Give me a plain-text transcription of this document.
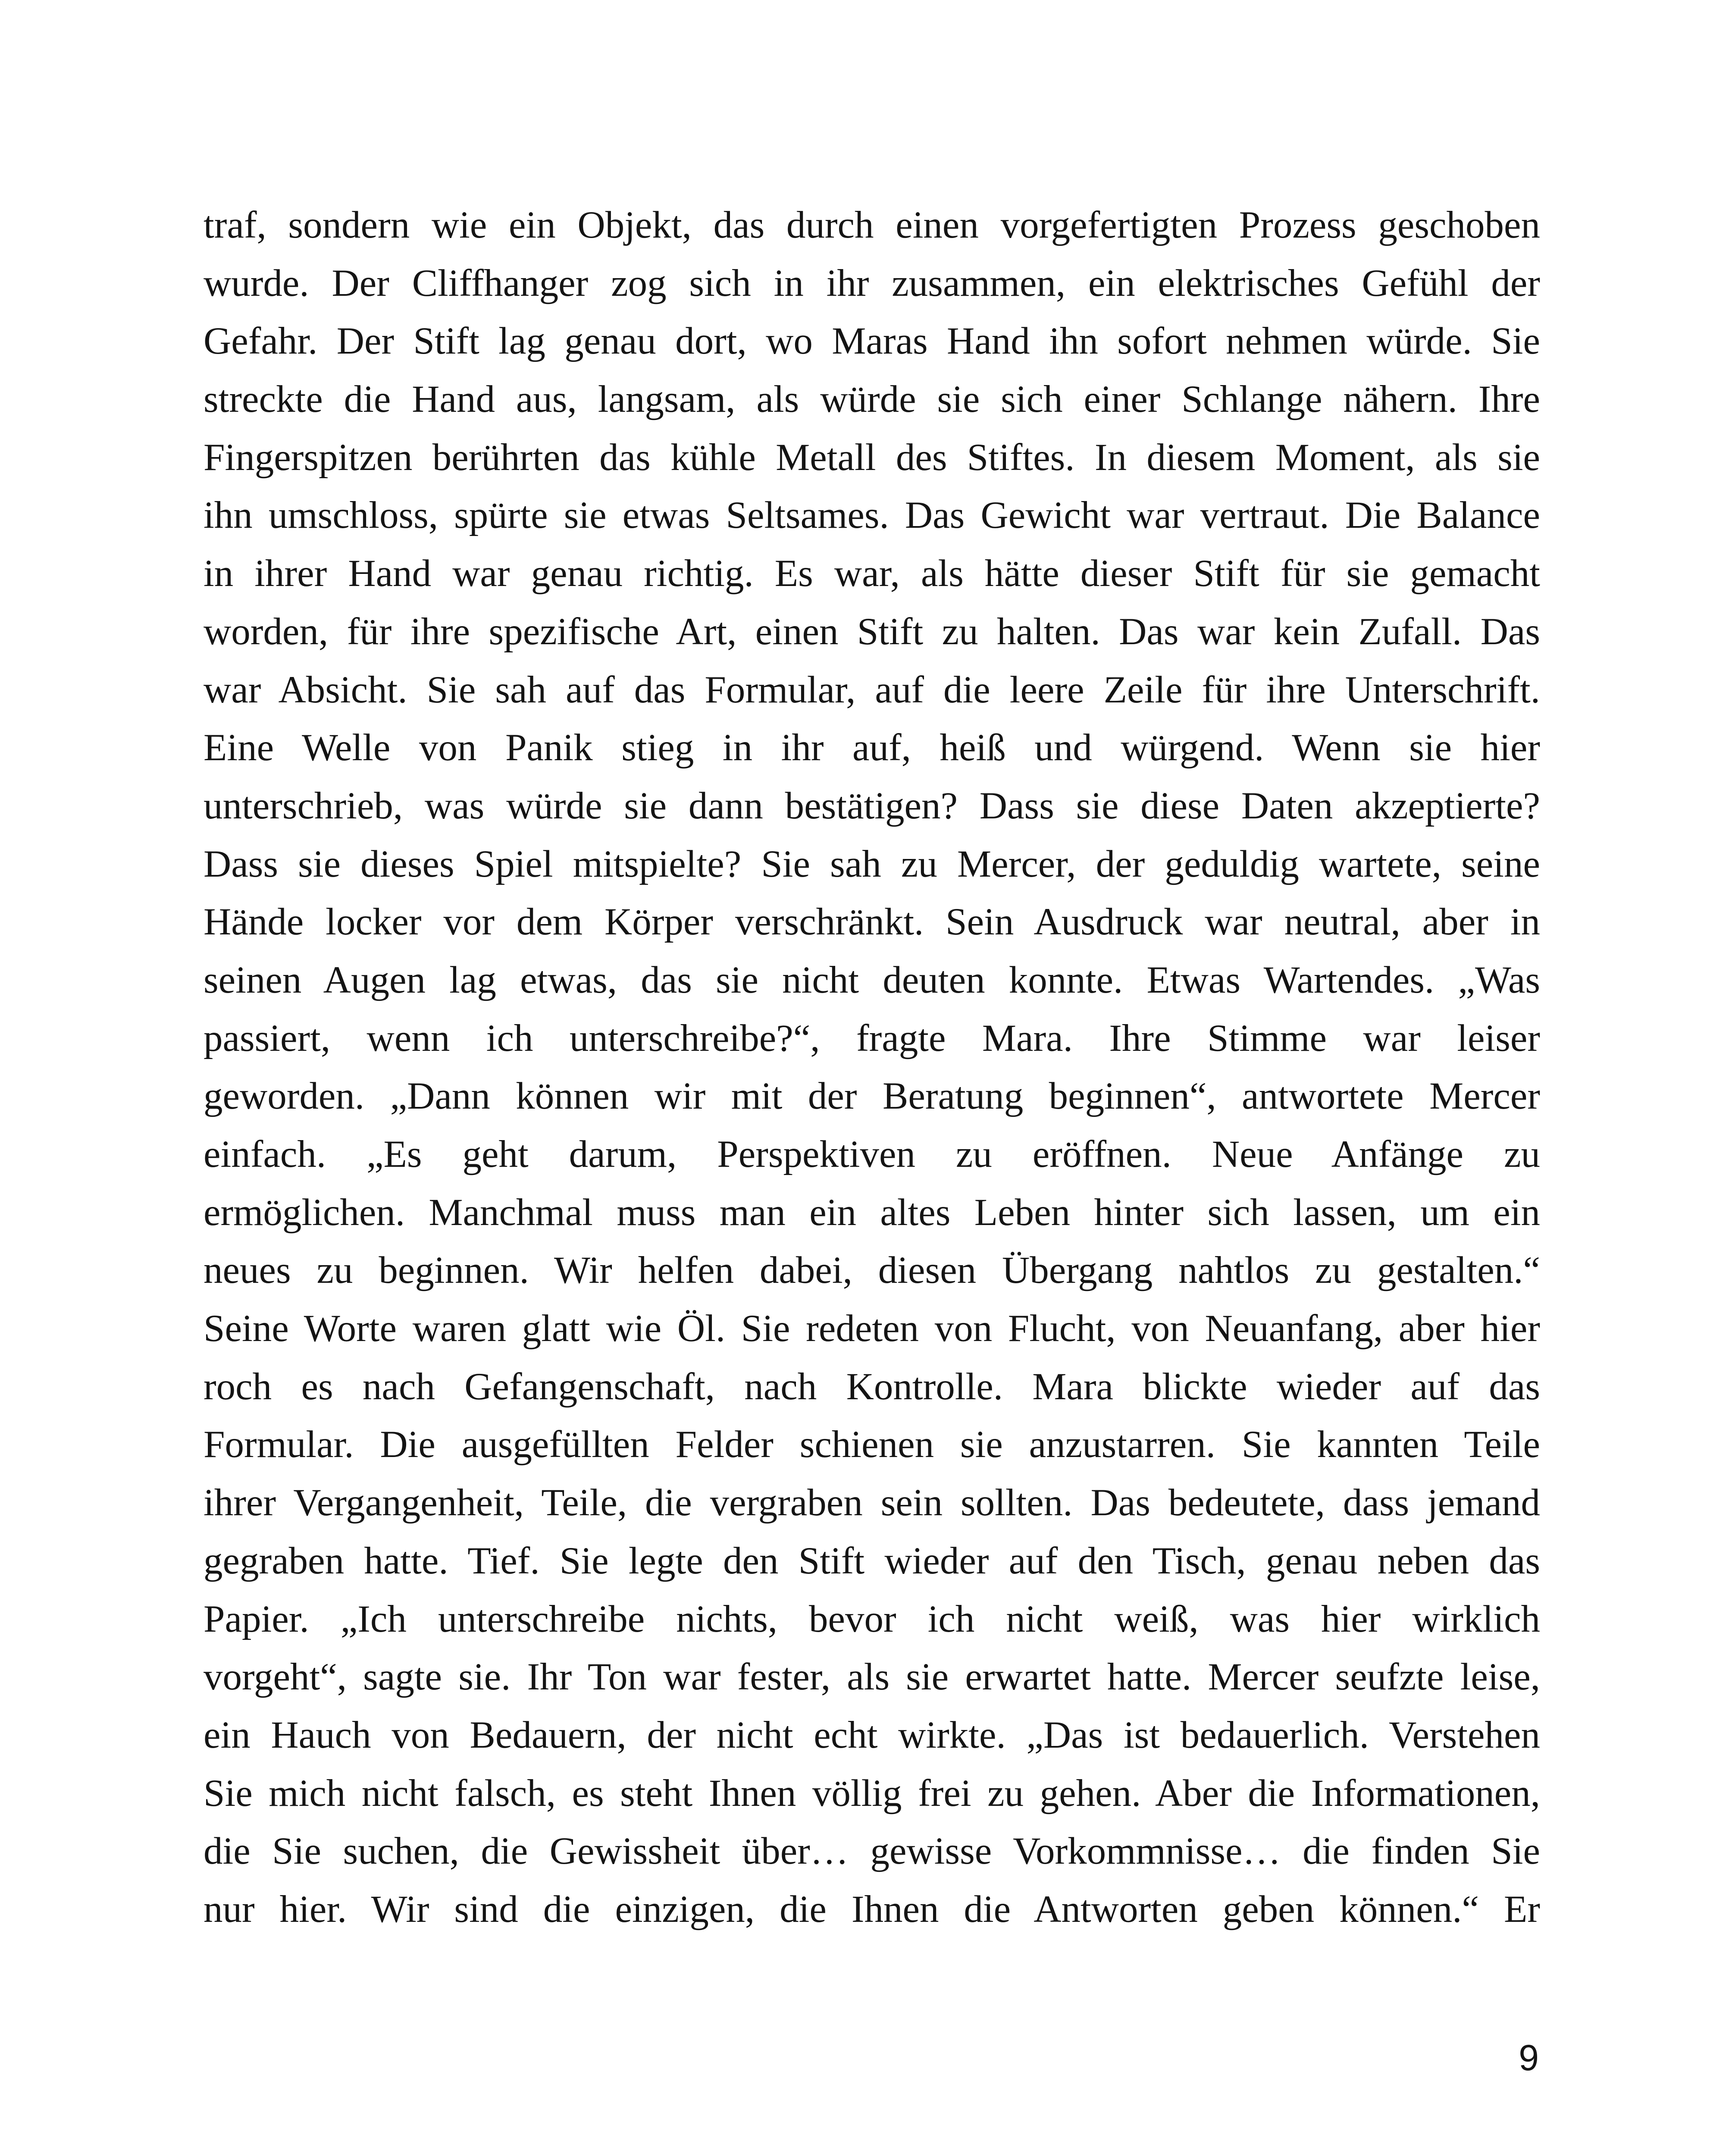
traf, sondern wie ein Objekt, das durch einen vorgefertigten Prozess geschoben
wurde. Der Cliffhanger zog sich in ihr zusammen, ein elektrisches Gefühl der
Gefahr. Der Stift lag genau dort, wo Maras Hand ihn sofort nehmen würde. Sie
streckte die Hand aus, langsam, als würde sie sich einer Schlange nähern. Ihre
Fingerspitzen berührten das kühle Metall des Stiftes. In diesem Moment, als sie
ihn umschloss, spürte sie etwas Seltsames. Das Gewicht war vertraut. Die Balance
in ihrer Hand war genau richtig. Es war, als hätte dieser Stift für sie gemacht
worden, für ihre spezifische Art, einen Stift zu halten. Das war kein Zufall. Das
war Absicht. Sie sah auf das Formular, auf die leere Zeile für ihre Unterschrift.
Eine Welle von Panik stieg in ihr auf, heiß und würgend. Wenn sie hier
unterschrieb, was würde sie dann bestätigen? Dass sie diese Daten akzeptierte?
Dass sie dieses Spiel mitspielte? Sie sah zu Mercer, der geduldig wartete, seine
Hände locker vor dem Körper verschränkt. Sein Ausdruck war neutral, aber in
seinen Augen lag etwas, das sie nicht deuten konnte. Etwas Wartendes. „Was
passiert, wenn ich unterschreibe?“, fragte Mara. Ihre Stimme war leiser
geworden. „Dann können wir mit der Beratung beginnen“, antwortete Mercer
einfach. „Es geht darum, Perspektiven zu eröffnen. Neue Anfänge zu
ermöglichen. Manchmal muss man ein altes Leben hinter sich lassen, um ein
neues zu beginnen. Wir helfen dabei, diesen Übergang nahtlos zu gestalten.“
Seine Worte waren glatt wie Öl. Sie redeten von Flucht, von Neuanfang, aber hier
roch es nach Gefangenschaft, nach Kontrolle. Mara blickte wieder auf das
Formular. Die ausgefüllten Felder schienen sie anzustarren. Sie kannten Teile
ihrer Vergangenheit, Teile, die vergraben sein sollten. Das bedeutete, dass jemand
gegraben hatte. Tief. Sie legte den Stift wieder auf den Tisch, genau neben das
Papier. „Ich unterschreibe nichts, bevor ich nicht weiß, was hier wirklich
vorgeht“, sagte sie. Ihr Ton war fester, als sie erwartet hatte. Mercer seufzte leise,
ein Hauch von Bedauern, der nicht echt wirkte. „Das ist bedauerlich. Verstehen
Sie mich nicht falsch, es steht Ihnen völlig frei zu gehen. Aber die Informationen,
die Sie suchen, die Gewissheit über… gewisse Vorkommnisse… die finden Sie
nur hier. Wir sind die einzigen, die Ihnen die Antworten geben können.“ Er
9
